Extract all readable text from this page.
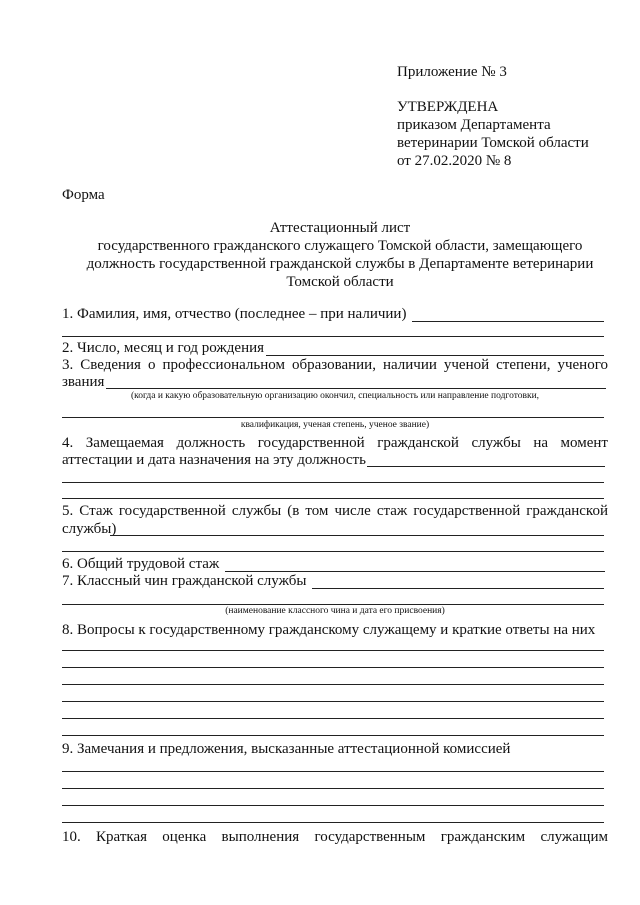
Приложение № 3
УТВЕРЖДЕНА
приказом Департамента
ветеринарии Томской области
от 27.02.2020 № 8
Форма
Аттестационный лист
государственного гражданского служащего Томской области, замещающего
должность государственной гражданской службы в Департаменте ветеринарии
Томской области
1. Фамилия, имя, отчество (последнее – при наличии)
2. Число, месяц и год рождения
3. Сведения о профессиональном образовании, наличии ученой степени, ученого
звания
(когда и какую образовательную организацию окончил, специальность или направление подготовки,
квалификация, ученая степень, ученое звание)
4. Замещаемая должность государственной гражданской службы на момент
аттестации и дата назначения на эту должность
5. Стаж государственной службы (в том числе стаж государственной гражданской
службы)
6. Общий трудовой стаж
7. Классный чин гражданской службы
(наименование классного чина и дата его присвоения)
8. Вопросы к государственному гражданскому служащему и краткие ответы на них
9. Замечания и предложения, высказанные аттестационной комиссией
10. Краткая оценка выполнения государственным гражданским служащим
